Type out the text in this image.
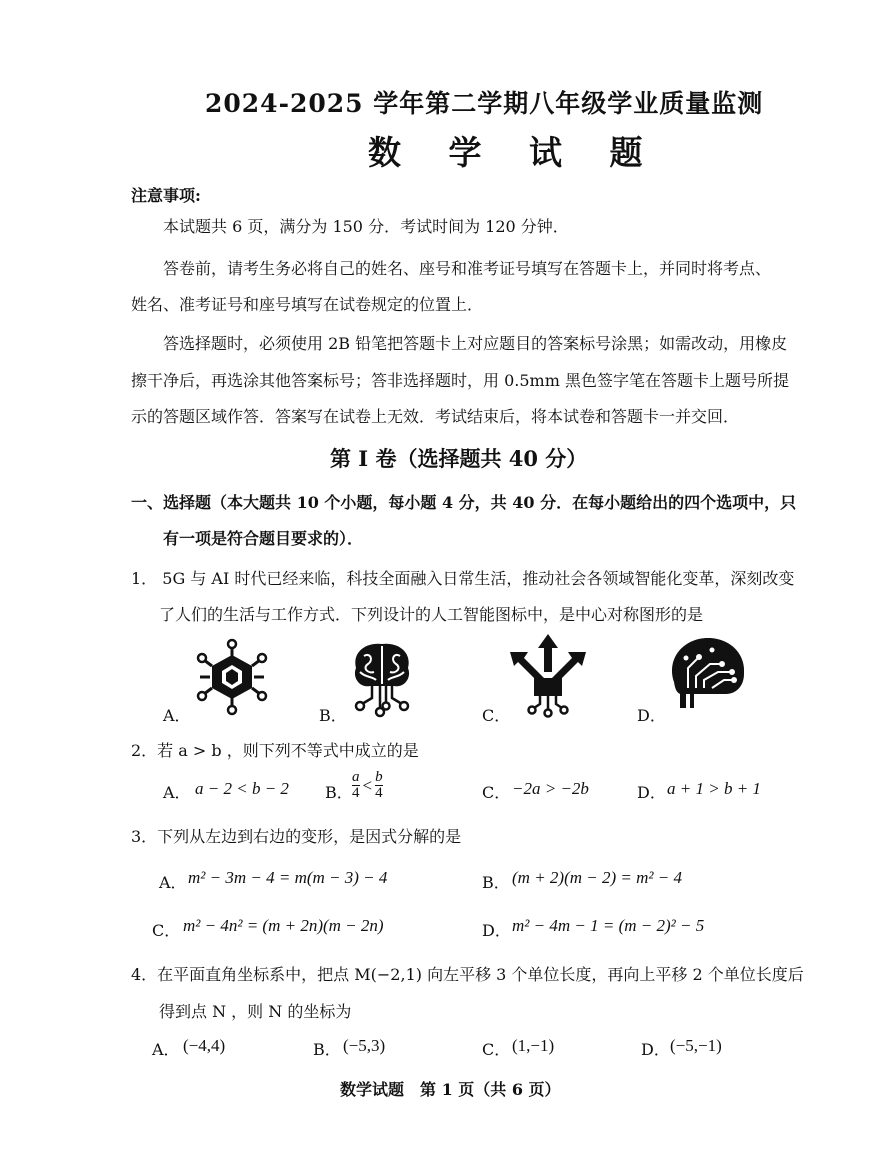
2024-2025 学年第二学期八年级学业质量监测
数 学 试 题
注意事项:
本试题共 6 页，满分为 150 分．考试时间为 120 分钟．
答卷前，请考生务必将自己的姓名、座号和准考证号填写在答题卡上，并同时将考点、
姓名、准考证号和座号填写在试卷规定的位置上．
答选择题时，必须使用 2B 铅笔把答题卡上对应题目的答案标号涂黑；如需改动，用橡皮
擦干净后，再选涂其他答案标号；答非选择题时，用 0.5mm 黑色签字笔在答题卡上题号所提
示的答题区域作答．答案写在试卷上无效．考试结束后，将本试卷和答题卡一并交回．
第 I 卷（选择题共 40 分）
一、选择题（本大题共 10 个小题，每小题 4 分，共 40 分．在每小题给出的四个选项中，只
有一项是符合题目要求的）．
1． 5G 与 AI 时代已经来临，科技全面融入日常生活，推动社会各领域智能化变革，深刻改变
了人们的生活与工作方式．下列设计的人工智能图标中，是中心对称图形的是
A．	B．	C．	D．
2．若 a > b ，则下列不等式中成立的是
A． a − 2 < b − 2 B． $\frac{a}{4} < \frac{b}{4}$	C． −2a > −2b	D． a + 1 > b + 1
3．下列从左边到右边的变形，是因式分解的是
A． m² − 3m − 4 = m(m − 3) − 4	B． (m + 2)(m − 2) = m² − 4
C． m² − 4n² = (m + 2n)(m − 2n)	D． m² − 4m − 1 = (m − 2)² − 5
4．在平面直角坐标系中，把点 M(−2,1) 向左平移 3 个单位长度，再向上平移 2 个单位长度后
得到点 N ，则 N 的坐标为
A． (−4,4)	B． (−5,3)	C． (1,−1)	D． (−5,−1)
数学试题　第 1 页（共 6 页）
